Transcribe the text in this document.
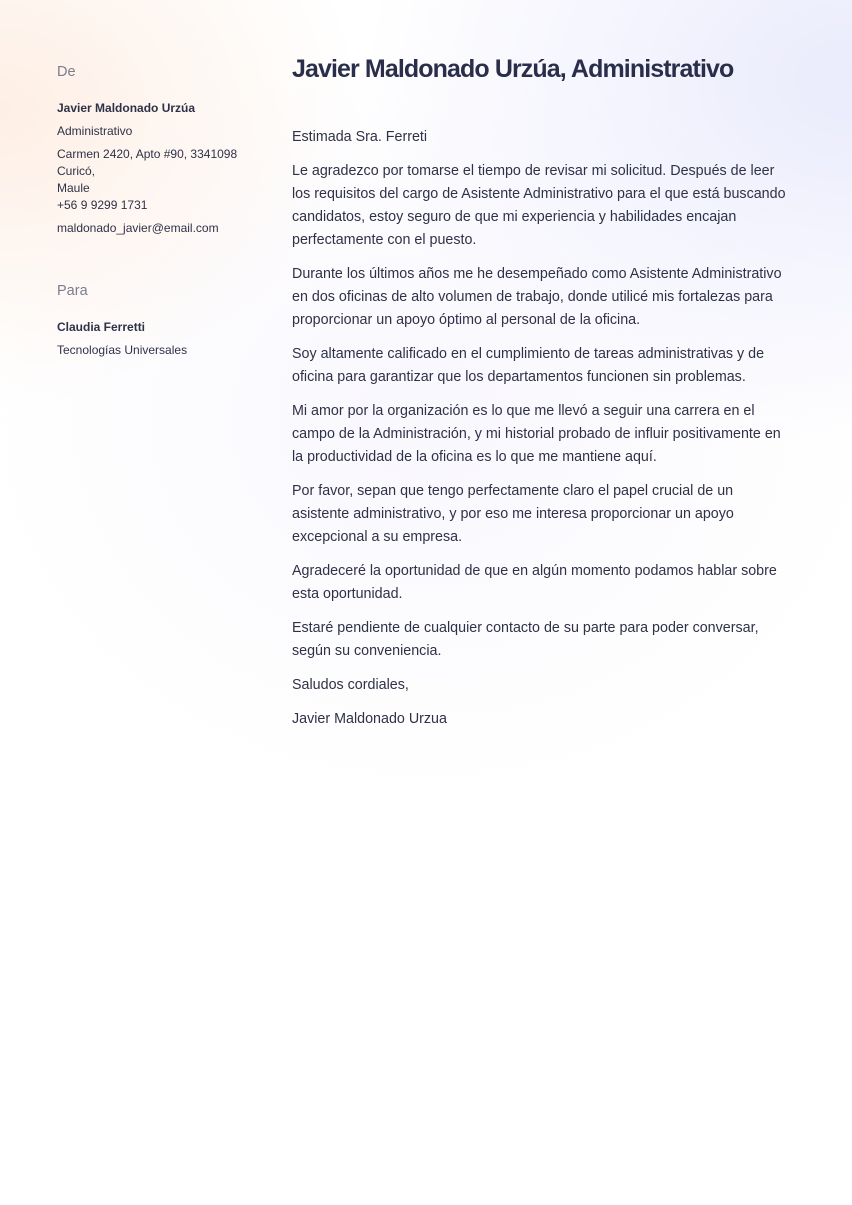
De
Javier Maldonado Urzúa
Administrativo
Carmen 2420, Apto #90, 3341098 Curicó,
Maule
+56 9 9299 1731
maldonado_javier@email.com
Para
Claudia Ferretti
Tecnologías Universales
Javier Maldonado Urzúa, Administrativo

Estimada Sra. Ferreti

Le agradezco por tomarse el tiempo de revisar mi solicitud. Después de leer los requisitos del cargo de Asistente Administrativo para el que está buscando candidatos, estoy seguro de que mi experiencia y habilidades encajan perfectamente con el puesto.

Durante los últimos años me he desempeñado como Asistente Administrativo en dos oficinas de alto volumen de trabajo, donde utilicé mis fortalezas para proporcionar un apoyo óptimo al personal de la oficina.

Soy altamente calificado en el cumplimiento de tareas administrativas y de oficina para garantizar que los departamentos funcionen sin problemas.

Mi amor por la organización es lo que me llevó a seguir una carrera en el campo de la Administración, y mi historial probado de influir positivamente en la productividad de la oficina es lo que me mantiene aquí.

Por favor, sepan que tengo perfectamente claro el papel crucial de un asistente administrativo, y por eso me interesa proporcionar un apoyo excepcional a su empresa.

Agradeceré la oportunidad de que en algún momento podamos hablar sobre esta oportunidad.

Estaré pendiente de cualquier contacto de su parte para poder conversar, según su conveniencia.

Saludos cordiales,

Javier Maldonado Urzua
